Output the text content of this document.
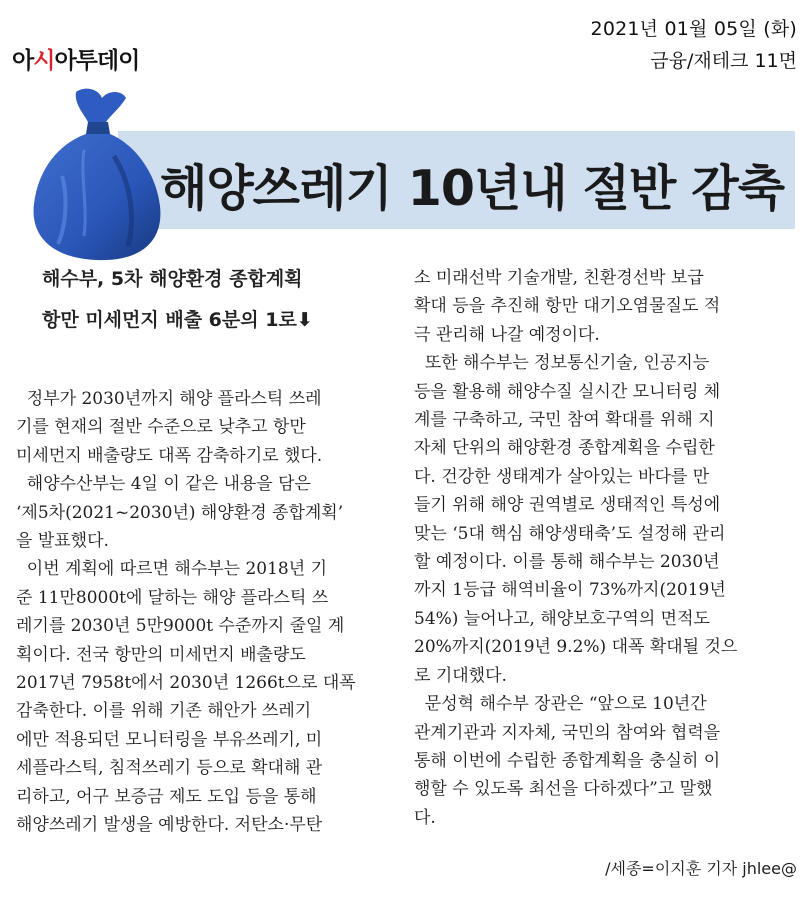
아시아투데이
2021년 01월 05일 (화)
금융/재테크 11면
해양쓰레기 10년내 절반 감축
해수부, 5차 해양환경 종합계획
항만 미세먼지 배출 6분의 1로⬇
정부가 2030년까지 해양 플라스틱 쓰레
기를 현재의 절반 수준으로 낮추고 항만
미세먼지 배출량도 대폭 감축하기로 했다.
해양수산부는 4일 이 같은 내용을 담은
‘제5차(2021~2030년) 해양환경 종합계획’
을 발표했다.
이번 계획에 따르면 해수부는 2018년 기
준 11만8000t에 달하는 해양 플라스틱 쓰
레기를 2030년 5만9000t 수준까지 줄일 계
획이다. 전국 항만의 미세먼지 배출량도
2017년 7958t에서 2030년 1266t으로 대폭
감축한다. 이를 위해 기존 해안가 쓰레기
에만 적용되던 모니터링을 부유쓰레기, 미
세플라스틱, 침적쓰레기 등으로 확대해 관
리하고, 어구 보증금 제도 도입 등을 통해
해양쓰레기 발생을 예방한다. 저탄소·무탄
소 미래선박 기술개발, 친환경선박 보급
확대 등을 추진해 항만 대기오염물질도 적
극 관리해 나갈 예정이다.
또한 해수부는 정보통신기술, 인공지능
등을 활용해 해양수질 실시간 모니터링 체
계를 구축하고, 국민 참여 확대를 위해 지
자체 단위의 해양환경 종합계획을 수립한
다. 건강한 생태계가 살아있는 바다를 만
들기 위해 해양 권역별로 생태적인 특성에
맞는 ‘5대 핵심 해양생태축’도 설정해 관리
할 예정이다. 이를 통해 해수부는 2030년
까지 1등급 해역비율이 73%까지(2019년
54%) 늘어나고, 해양보호구역의 면적도
20%까지(2019년 9.2%) 대폭 확대될 것으
로 기대했다.
문성혁 해수부 장관은 “앞으로 10년간
관계기관과 지자체, 국민의 참여와 협력을
통해 이번에 수립한 종합계획을 충실히 이
행할 수 있도록 최선을 다하겠다”고 말했
다.
/세종=이지훈 기자 jhlee@
